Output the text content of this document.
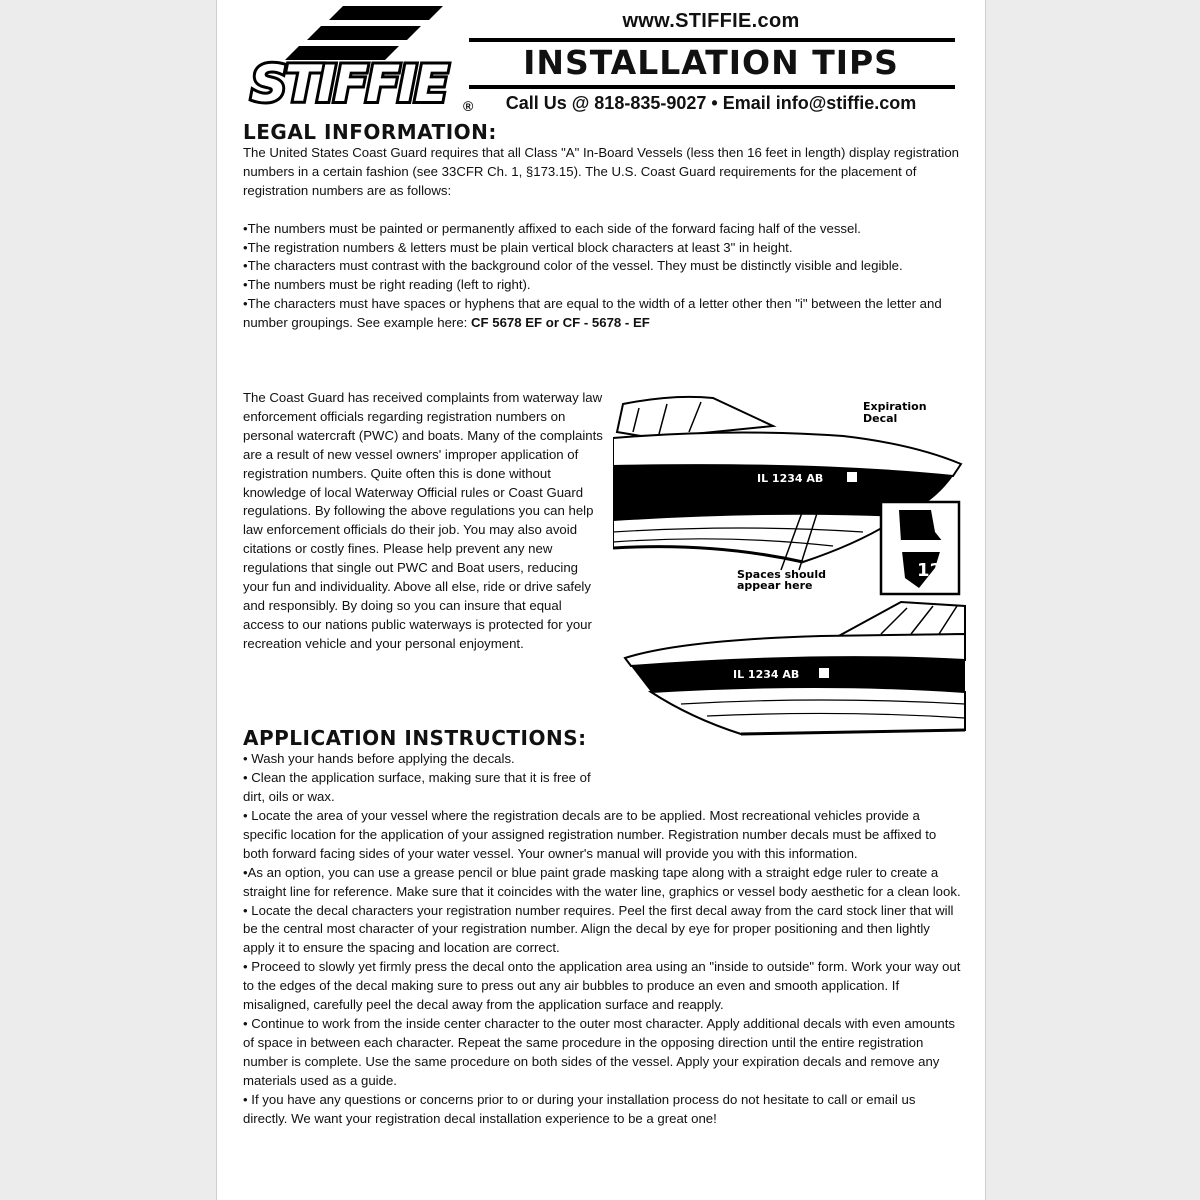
STIFFIE ®
www.STIFFIE.com
INSTALLATION TIPS
Call Us @ 818-835-9027 • Email info@stiffie.com
LEGAL INFORMATION:

The United States Coast Guard requires that all Class "A" In-Board Vessels (less then 16 feet in length) display registration numbers in a certain fashion (see 33CFR Ch. 1, §173.15). The U.S. Coast Guard requirements for the placement of registration numbers are as follows:

•The numbers must be painted or permanently affixed to each side of the forward facing half of the vessel.

•The registration numbers & letters must be plain vertical block characters at least 3" in height.

•The characters must contrast with the background color of the vessel. They must be distinctly visible and legible.

•The numbers must be right reading (left to right).

•The characters must have spaces or hyphens that are equal to the width of a letter other then "i" between the letter and number groupings. See example here: CF 5678 EF or CF - 5678 - EF

The Coast Guard has received complaints from waterway law enforcement officials regarding registration numbers on personal watercraft (PWC) and boats. Many of the complaints are a result of new vessel owners' improper application of registration numbers. Quite often this is done without knowledge of local Waterway Official rules or Coast Guard regulations. By following the above regulations you can help law enforcement officials do their job. You may also avoid citations or costly fines. Please help prevent any new regulations that single out PWC and Boat users, reducing your fun and individuality. Above all else, ride or drive safely and responsibly. By doing so you can insure that equal access to our nations public waterways is protected for your recreation vehicle and your personal enjoyment.
IL 1234 AB
Expiration
Decal
Spaces should
appear here
12
IL 1234 AB
APPLICATION INSTRUCTIONS:

• Wash your hands before applying the decals.

• Clean the application surface, making sure that it is free of dirt, oils or wax.

• Locate the area of your vessel where the registration decals are to be applied. Most recreational vehicles provide a specific location for the application of your assigned registration number. Registration number decals must be affixed to both forward facing sides of your water vessel. Your owner's manual will provide you with this information.

•As an option, you can use a grease pencil or blue paint grade masking tape along with a straight edge ruler to create a straight line for reference. Make sure that it coincides with the water line, graphics or vessel body aesthetic for a clean look.

• Locate the decal characters your registration number requires. Peel the first decal away from the card stock liner that will be the central most character of your registration number. Align the decal by eye for proper positioning and then lightly apply it to ensure the spacing and location are correct.

• Proceed to slowly yet firmly press the decal onto the application area using an "inside to outside" form. Work your way out to the edges of the decal making sure to press out any air bubbles to produce an even and smooth application. If misaligned, carefully peel the decal away from the application surface and reapply.

• Continue to work from the inside center character to the outer most character. Apply additional decals with even amounts of space in between each character. Repeat the same procedure in the opposing direction until the entire registration number is complete. Use the same procedure on both sides of the vessel. Apply your expiration decals and remove any materials used as a guide.

• If you have any questions or concerns prior to or during your installation process do not hesitate to call or email us directly. We want your registration decal installation experience to be a great one!
